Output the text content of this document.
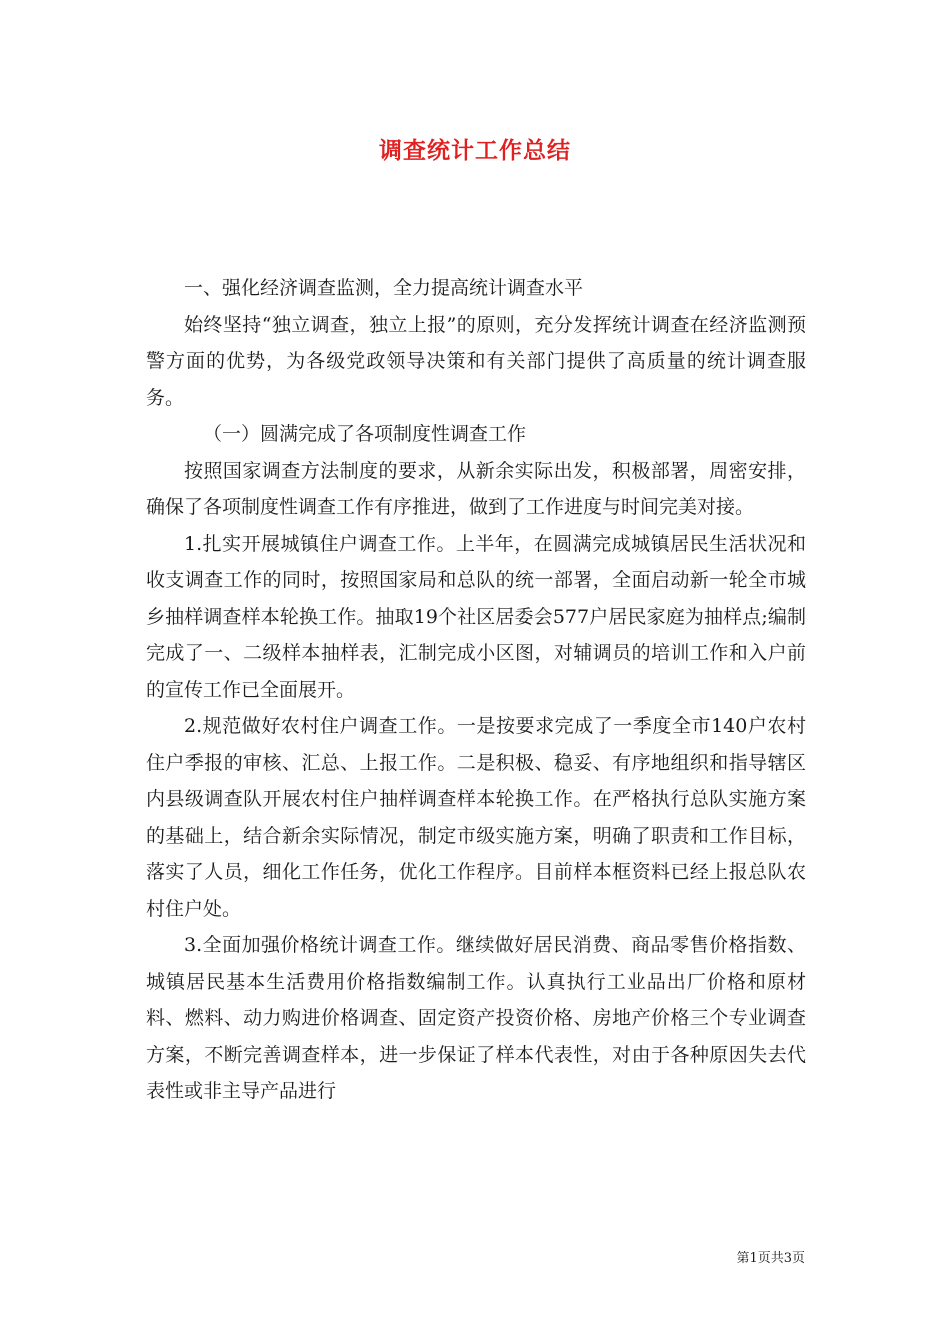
调查统计工作总结

一、强化经济调查监测，全力提高统计调查水平

始终坚持“独立调查，独立上报”的原则，充分发挥统计调查在经济监测预警方面的优势，为各级党政领导决策和有关部门提供了高质量的统计调查服务。

（一）圆满完成了各项制度性调查工作

按照国家调查方法制度的要求，从新余实际出发，积极部署，周密安排，确保了各项制度性调查工作有序推进，做到了工作进度与时间完美对接。

1.扎实开展城镇住户调查工作。上半年，在圆满完成城镇居民生活状况和收支调查工作的同时，按照国家局和总队的统一部署，全面启动新一轮全市城乡抽样调查样本轮换工作。抽取19个社区居委会577户居民家庭为抽样点;编制完成了一、二级样本抽样表，汇制完成小区图，对辅调员的培训工作和入户前的宣传工作已全面展开。

2.规范做好农村住户调查工作。一是按要求完成了一季度全市140户农村住户季报的审核、汇总、上报工作。二是积极、稳妥、有序地组织和指导辖区内县级调查队开展农村住户抽样调查样本轮换工作。在严格执行总队实施方案的基础上，结合新余实际情况，制定市级实施方案，明确了职责和工作目标，落实了人员，细化工作任务，优化工作程序。目前样本框资料已经上报总队农村住户处。

3.全面加强价格统计调查工作。继续做好居民消费、商品零售价格指数、城镇居民基本生活费用价格指数编制工作。认真执行工业品出厂价格和原材料、燃料、动力购进价格调查、固定资产投资价格、房地产价格三个专业调查方案，不断完善调查样本，进一步保证了样本代表性，对由于各种原因失去代表性或非主导产品进行

第1页共3页
